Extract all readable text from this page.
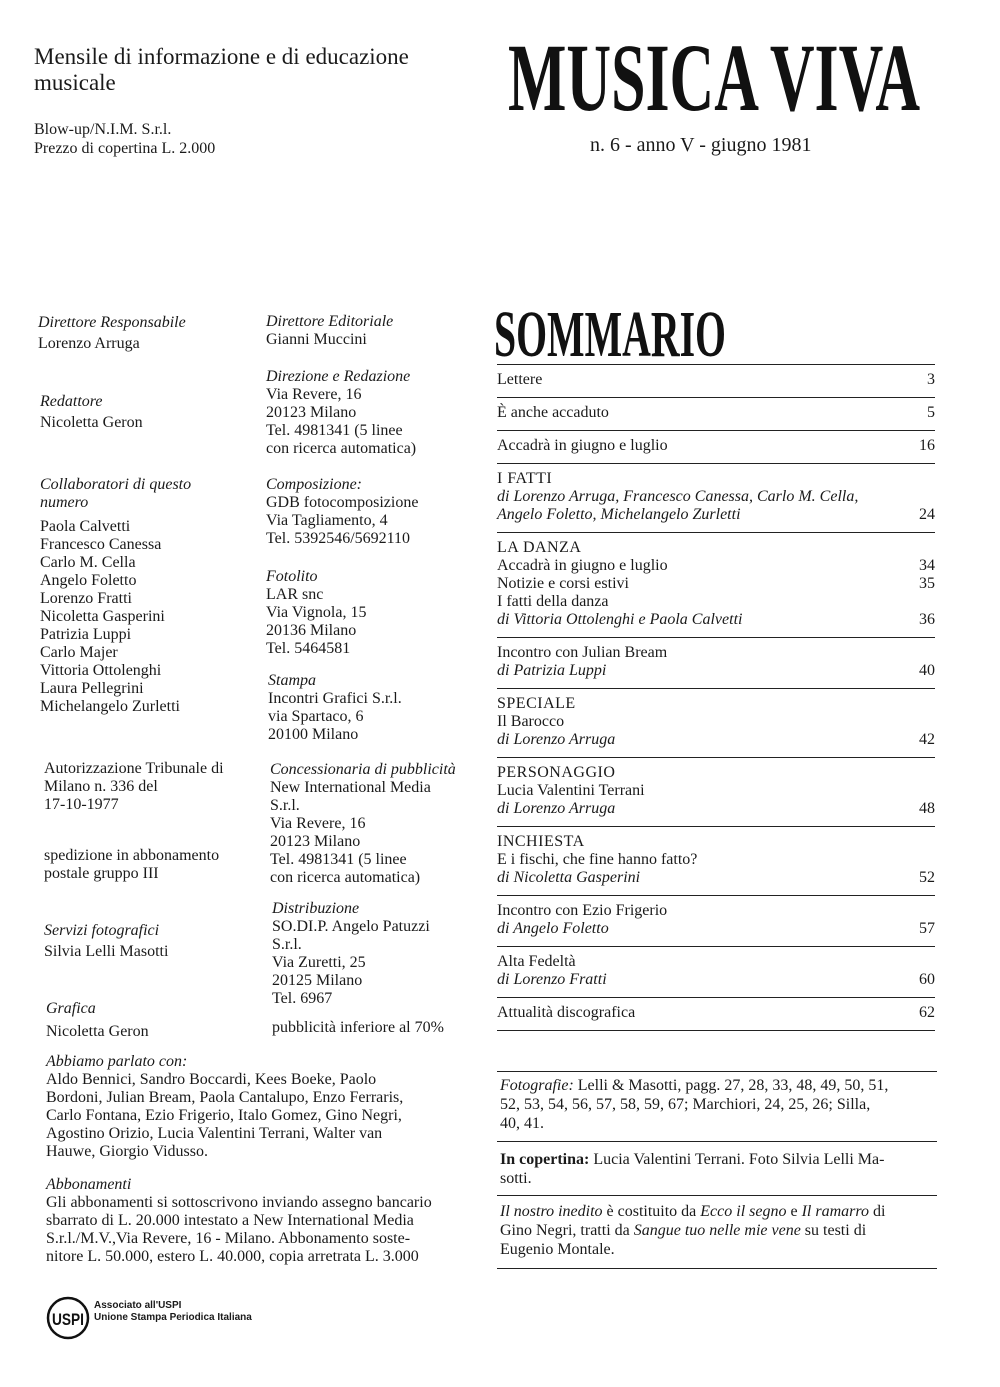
Mensile di informazione e di educazione musicale
Blow-up/N.I.M. S.r.l.
Prezzo di copertina L. 2.000
MUSICA VIVA
n. 6 - anno V - giugno 1981
Direttore Responsabile
Lorenzo Arruga
Redattore
Nicoletta Geron
Collaboratori di questo
numero
Paola Calvetti
Francesco Canessa
Carlo M. Cella
Angelo Foletto
Lorenzo Fratti
Nicoletta Gasperini
Patrizia Luppi
Carlo Majer
Vittoria Ottolenghi
Laura Pellegrini
Michelangelo Zurletti
Autorizzazione Tribunale di
Milano n. 336 del
17-10-1977
spedizione in abbonamento
postale gruppo III
Servizi fotografici
Silvia Lelli Masotti
Grafica
Nicoletta Geron
Direttore Editoriale
Gianni Muccini
Direzione e Redazione
Via Revere, 16
20123 Milano
Tel. 4981341 (5 linee
con ricerca automatica)
Composizione:
GDB fotocomposizione
Via Tagliamento, 4
Tel. 5392546/5692110
Fotolito
LAR snc
Via Vignola, 15
20136 Milano
Tel. 5464581
Stampa
Incontri Grafici S.r.l.
via Spartaco, 6
20100 Milano
Concessionaria di pubblicità
New International Media
S.r.l.
Via Revere, 16
20123 Milano
Tel. 4981341 (5 linee
con ricerca automatica)
Distribuzione
SO.DI.P. Angelo Patuzzi
S.r.l.
Via Zuretti, 25
20125 Milano
Tel. 6967
pubblicità inferiore al 70%
Abbiamo parlato con:
Aldo Bennici, Sandro Boccardi, Kees Boeke, Paolo
Bordoni, Julian Bream, Paola Cantalupo, Enzo Ferraris,
Carlo Fontana, Ezio Frigerio, Italo Gomez, Gino Negri,
Agostino Orizio, Lucia Valentini Terrani, Walter van
Hauwe, Giorgio Vidusso.
Abbonamenti
Gli abbonamenti si sottoscrivono inviando assegno bancario
sbarrato di L. 20.000 intestato a New International Media
S.r.l./M.V.,Via Revere, 16 - Milano. Abbonamento soste-
nitore L. 50.000, estero L. 40.000, copia arretrata L. 3.000
SOMMARIO
Lettere	3
È anche accaduto	5
Accadrà in giugno e luglio	16
I FATTI
di Lorenzo Arruga, Francesco Canessa, Carlo M. Cella,
Angelo Foletto, Michelangelo Zurletti	24
LA DANZA
Accadrà in giugno e luglio	34
Notizie e corsi estivi	35
I fatti della danza
di Vittoria Ottolenghi e Paola Calvetti	36
Incontro con Julian Bream
di Patrizia Luppi	40
SPECIALE
Il Barocco
di Lorenzo Arruga	42
PERSONAGGIO
Lucia Valentini Terrani
di Lorenzo Arruga	48
INCHIESTA
E i fischi, che fine hanno fatto?
di Nicoletta Gasperini	52
Incontro con Ezio Frigerio
di Angelo Foletto	57
Alta Fedeltà
di Lorenzo Fratti	60
Attualità discografica	62
Fotografie: Lelli & Masotti, pagg. 27, 28, 33, 48, 49, 50, 51,
52, 53, 54, 56, 57, 58, 59, 67; Marchiori, 24, 25, 26; Silla,
40, 41.
In copertina: Lucia Valentini Terrani. Foto Silvia Lelli Ma-
sotti.
Il nostro inedito è costituito da Ecco il segno e Il ramarro di
Gino Negri, tratti da Sangue tuo nelle mie vene su testi di
Eugenio Montale.
USPI
Associato all'USPI
Unione Stampa Periodica Italiana
